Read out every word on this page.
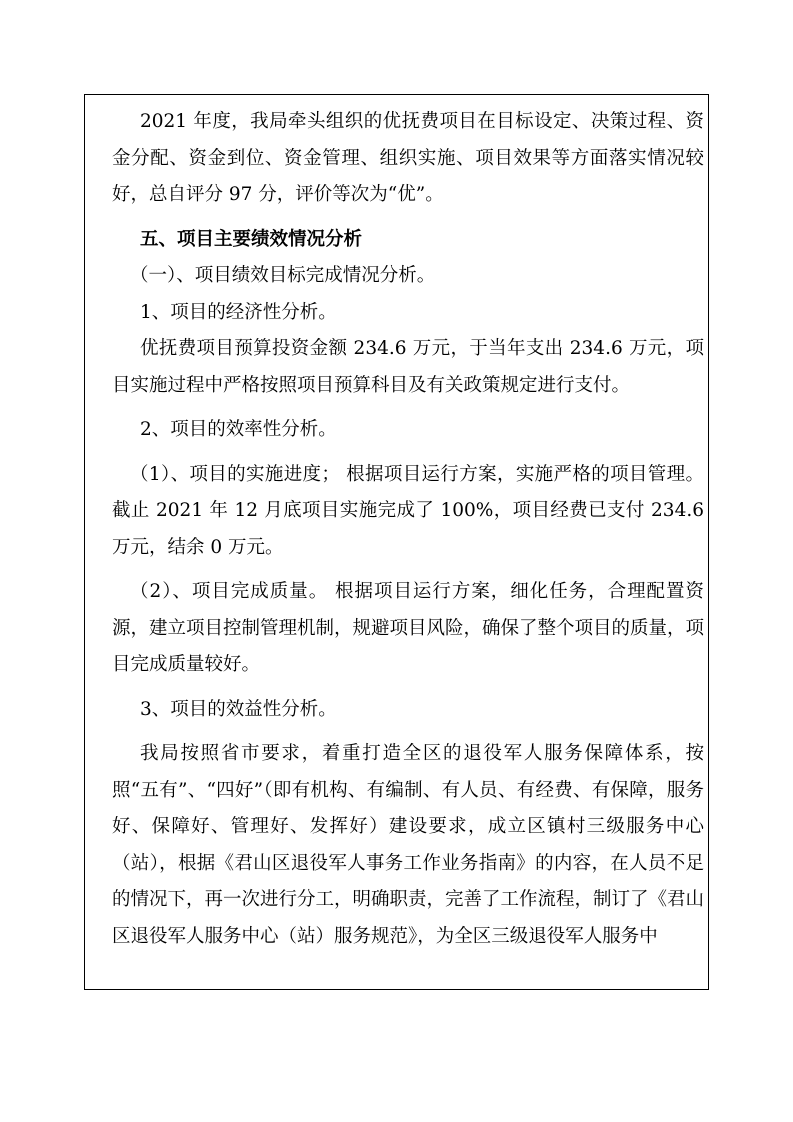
2021 年度，我局牵头组织的优抚费项目在目标设定、决策过程、资金分配、资金到位、资金管理、组织实施、项目效果等方面落实情况较好，总自评分 97 分，评价等次为“优”。

五、项目主要绩效情况分析

（一）、项目绩效目标完成情况分析。

1、项目的经济性分析。

优抚费项目预算投资金额 234.6 万元，于当年支出 234.6 万元，项目实施过程中严格按照项目预算科目及有关政策规定进行支付。

2、项目的效率性分析。

（1）、项目的实施进度； 根据项目运行方案，实施严格的项目管理。截止 2021 年 12 月底项目实施完成了 100%，项目经费已支付 234.6 万元，结余 0 万元。

（2）、项目完成质量。 根据项目运行方案，细化任务，合理配置资源，建立项目控制管理机制，规避项目风险，确保了整个项目的质量，项目完成质量较好。

3、项目的效益性分析。

我局按照省市要求，着重打造全区的退役军人服务保障体系，按照“五有”、“四好”（即有机构、有编制、有人员、有经费、有保障，服务好、保障好、管理好、发挥好）建设要求，成立区镇村三级服务中心（站），根据《君山区退役军人事务工作业务指南》的内容，在人员不足的情况下，再一次进行分工，明确职责，完善了工作流程，制订了《君山区退役军人服务中心（站）服务规范》，为全区三级退役军人服务中
